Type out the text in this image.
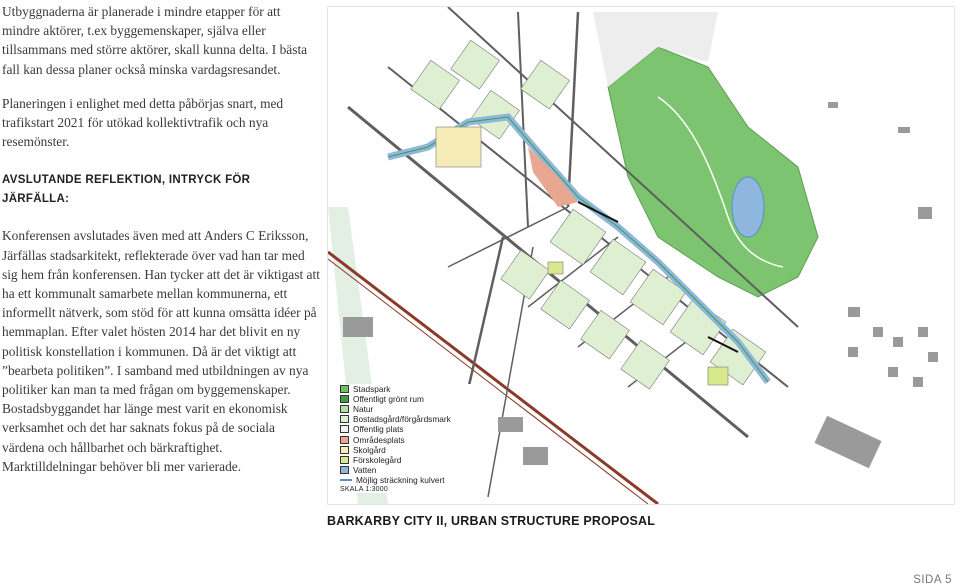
Utbyggnaderna är planerade i mindre etapper för att mindre aktörer, t.ex byggemenskaper, själva eller tillsammans med större aktörer, skall kunna delta. I bästa fall kan dessa planer också minska vardagsresandet.

Planeringen i enlighet med detta påbörjas snart, med trafikstart 2021 för utökad kollektivtrafik och nya resemönster.

AVSLUTANDE REFLEKTION, INTRYCK FÖR JÄRFÄLLA:

Konferensen avslutades även med att Anders C Eriksson, Järfällas stadsarkitekt, reflekterade över vad han tar med sig hem från konferensen. Han tycker att det är viktigast att ha ett kommunalt samarbete mellan kommunerna, ett informellt nätverk, som stöd för att kunna omsätta idéer på hemmaplan. Efter valet hösten 2014 har det blivit en ny politisk konstellation i kommunen. Då är det viktigt att ”bearbeta politiken”. I samband med utbildningen av nya politiker kan man ta med frågan om byggemenskaper. Bostadsbyggandet har länge mest varit en ekonomisk verksamhet och det har saknats fokus på de sociala värdena och hållbarhet och bärkraftighet. Marktilldelningar behöver bli mer varierade.

Stadspark
Offentligt grönt rum
Natur
Bostadsgård/förgårdsmark
Offentlig plats
Områdesplats
Skolgård
Förskolegård
Vatten
Möjlig sträckning kulvert
SKALA 1:3000
BARKARBY CITY II, URBAN STRUCTURE PROPOSAL
SIDA 5
